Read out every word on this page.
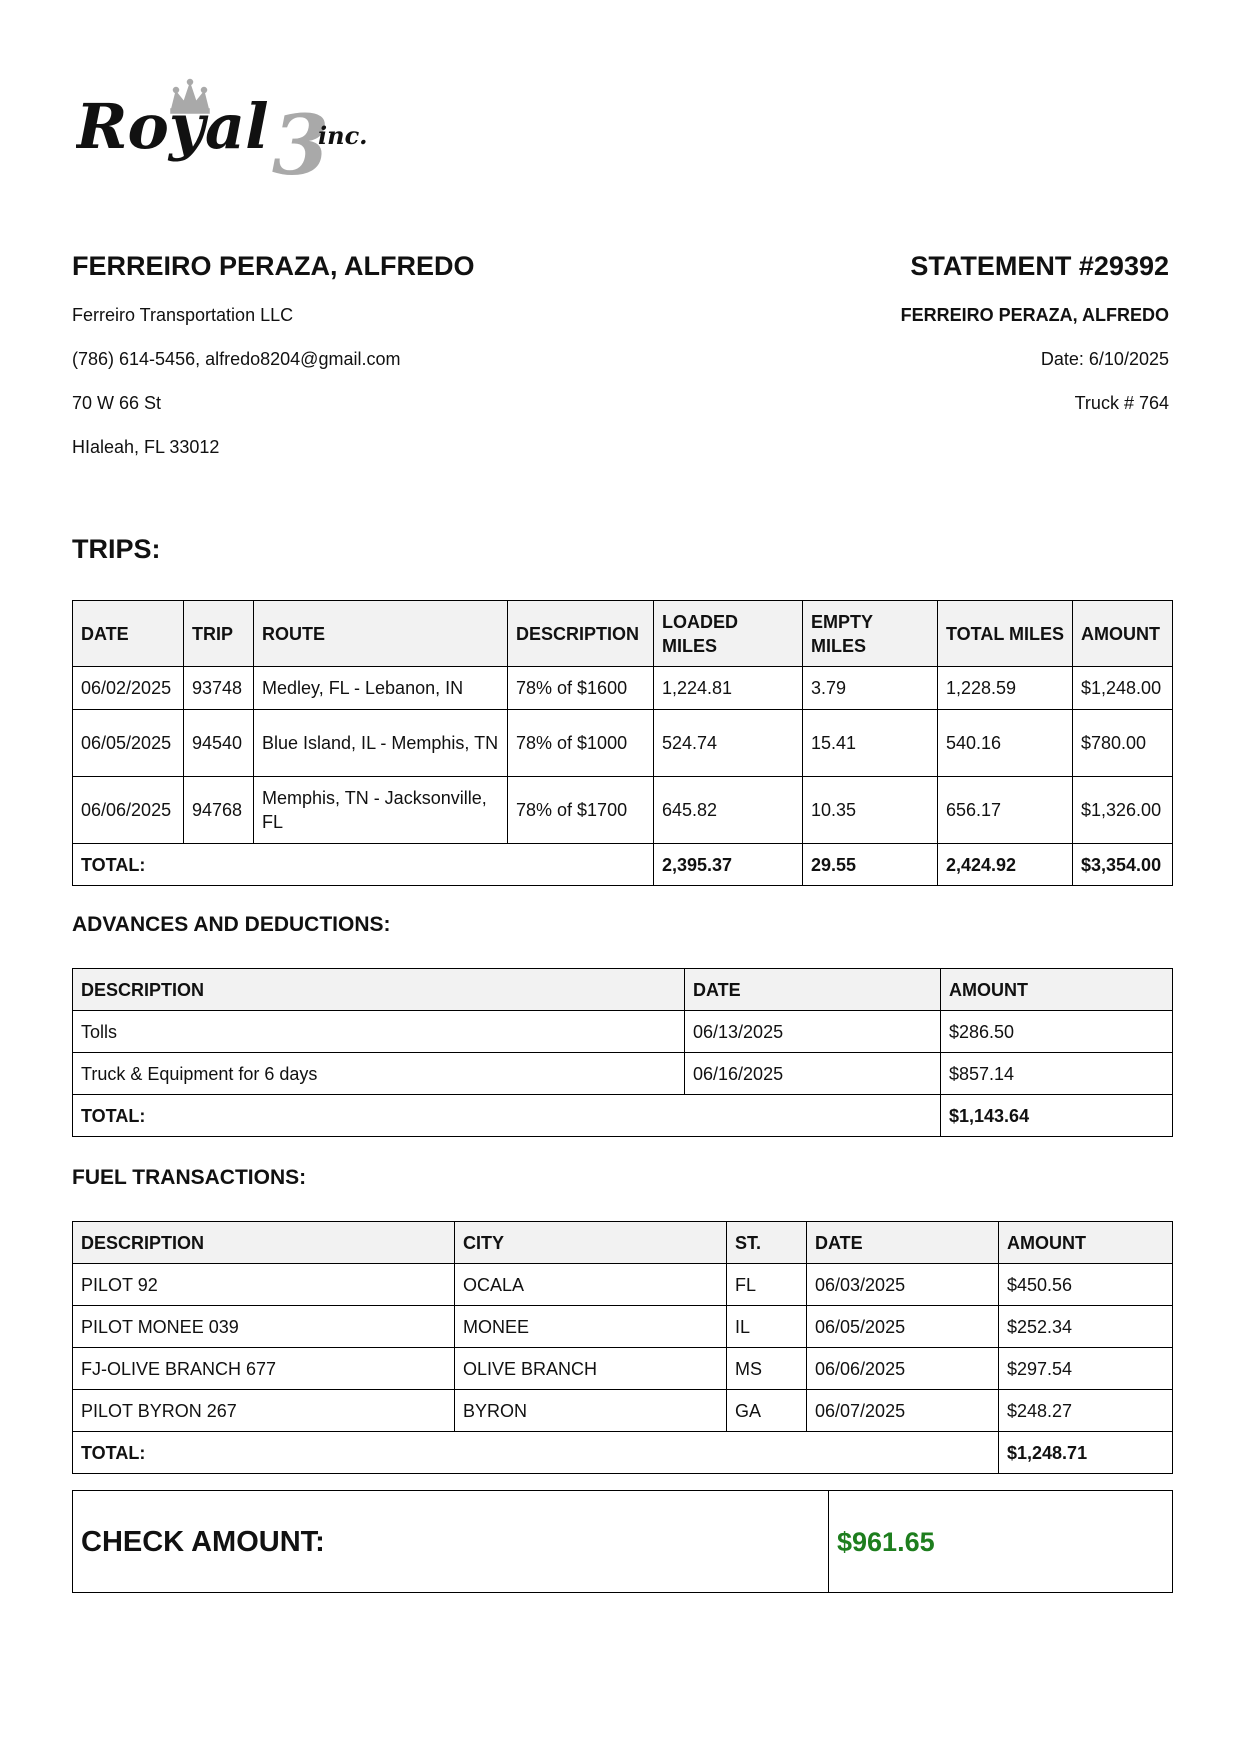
3
Royal inc.
FERREIRO PERAZA, ALFREDO
Ferreiro Transportation LLC
(786) 614-5456, alfredo8204@gmail.com
70 W 66 St
HIaleah, FL 33012
STATEMENT #29392
FERREIRO PERAZA, ALFREDO
Date: 6/10/2025
Truck # 764
TRIPS:
DATE	TRIP	ROUTE	DESCRIPTION	LOADED MILES	EMPTY MILES	TOTAL MILES	AMOUNT
06/02/2025	93748	Medley, FL - Lebanon, IN	78% of $1600	1,224.81	3.79	1,228.59	$1,248.00
06/05/2025	94540	Blue Island, IL - Memphis, TN	78% of $1000	524.74	15.41	540.16	$780.00
06/06/2025	94768	Memphis, TN - Jacksonville, FL	78% of $1700	645.82	10.35	656.17	$1,326.00
TOTAL:				2,395.37	29.55	2,424.92	$3,354.00
ADVANCES AND DEDUCTIONS:
DESCRIPTION	DATE	AMOUNT
Tolls	06/13/2025	$286.50
Truck & Equipment for 6 days	06/16/2025	$857.14
TOTAL:		$1,143.64
FUEL TRANSACTIONS:
DESCRIPTION	CITY	ST.	DATE	AMOUNT
PILOT 92	OCALA	FL	06/03/2025	$450.56
PILOT MONEE 039	MONEE	IL	06/05/2025	$252.34
FJ-OLIVE BRANCH 677	OLIVE BRANCH	MS	06/06/2025	$297.54
PILOT BYRON 267	BYRON	GA	06/07/2025	$248.27
TOTAL:				$1,248.71
CHECK AMOUNT:	$961.65
